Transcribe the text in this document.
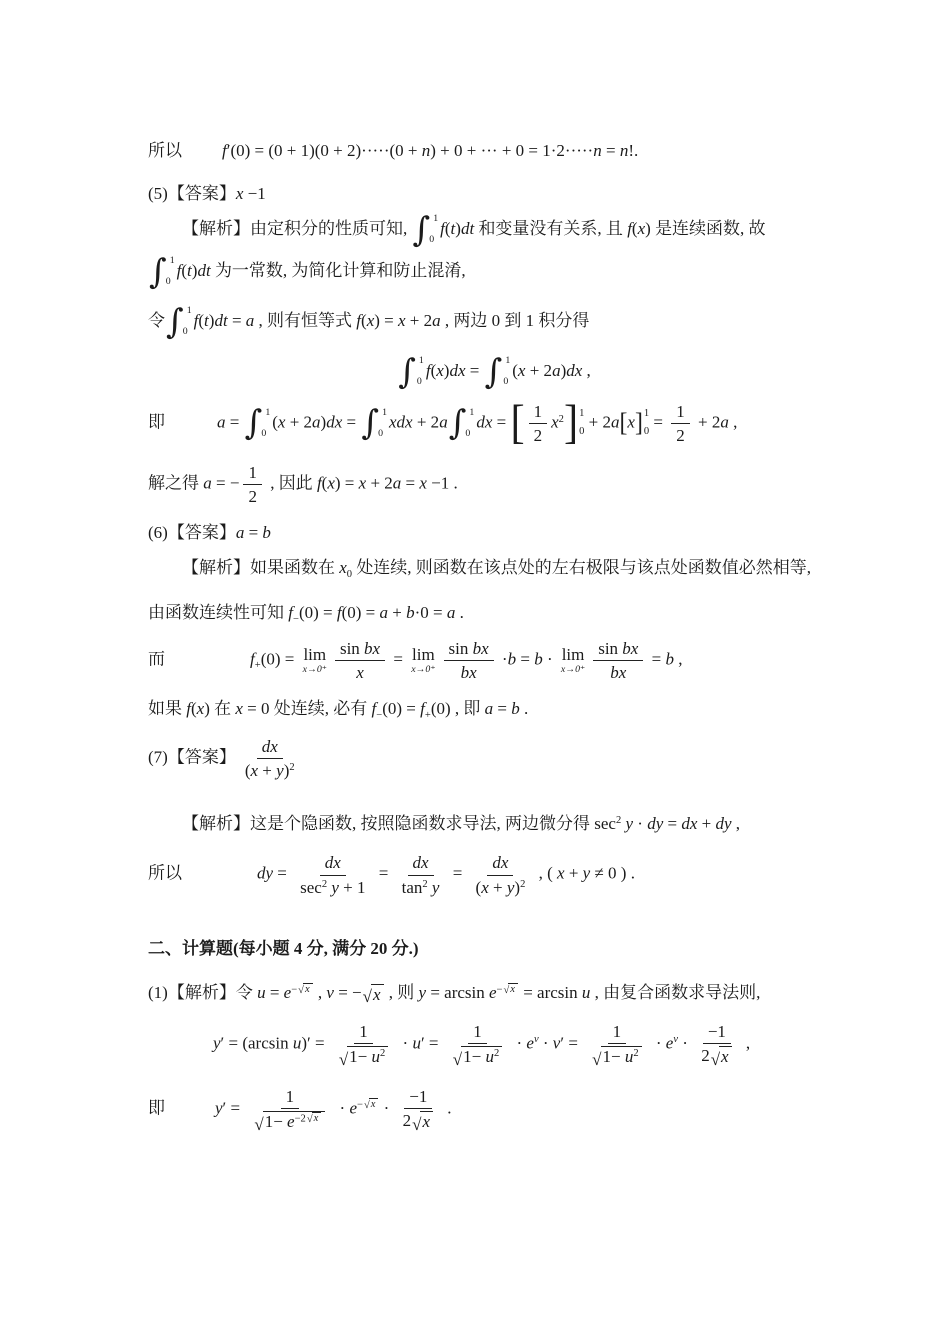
所以 f′(0) = (0 + 1)(0 + 2)·····(0 + n) + 0 + ··· + 0 = 1·2·····n = n!.
(5)【答案】x −1
【解析】由定积分的性质可知, ∫ 1
0
f(t)dt 和变量没有关系, 且 f(x) 是连续函数, 故
∫ 1
0
f(t)dt 为一常数, 为简化计算和防止混淆,
令 ∫ 1
0
f(t)dt = a , 则有恒等式 f(x) = x + 2a , 两边 0 到 1 积分得
∫ 1
0
f(x)dx = ∫ 1
0
(x + 2a)dx ,
即	a = ∫ 1
0
(x + 2a)dx = ∫ 1
0
xdx + 2a ∫ 1
0
dx = [ $\frac{1}{2} x2$] 1
0
+ 2a[x] 1
0
= $\frac{1}{2} + 2a$ ,
解之得 a = − $\frac{1}{2}$ , 因此 f(x) = x + 2a = x −1 .
(6)【答案】a = b
【解析】如果函数在 x0 处连续, 则函数在该点处的左右极限与该点处函数值必然相等,
由函数连续性可知 f−(0) = f(0) = a + b·0 = a .
而	f+(0) = lim
$x\to 0^+ \frac{\text{sin bx}}{x} = \lim$
$x\to 0^+ \frac{\text{sin bx}}{bx} \cdot b = b \cdot \lim$
$x\to 0^+ \frac{\text{sin bx}}{bx} = b$ ,
如果 f(x) 在 x = 0 处连续, 必有 f−(0) = f+(0) , 即 a = b .
(7)【答案】 $\frac{dx}{(x + y)2}$
【解析】这是个隐函数, 按照隐函数求导法, 两边微分得 sec2 y · dy = dx + dy ,
所以	dy = $\frac{dx}{\sec 2 y + 1} = \frac{dx}{\tan 2 y} = \frac{dx}{(x + y)2}$ , ( x + y ≠ 0 ) .
二、计算题(每小题 4 分, 满分 20 分.)
(1)【解析】令 u = e− √ x , v = − √ x , 则 y = arcsin e− √ x = arcsin u , 由复合函数求导法则,
y′ = (arcsin $u)' = \frac{1}{√ 1- u2} \cdot u' = \frac{1}{√ 1- u2}$ · ev · $v' = \frac{1}{√ 1- u2}$ · ev · $\frac{-1}{2 √ x}$ ,
即	$y' = \frac{1}{√ 1- e-2 √ x} \cdot e-$ √ $x \cdot \frac{-1}{2 √ x}$ .
